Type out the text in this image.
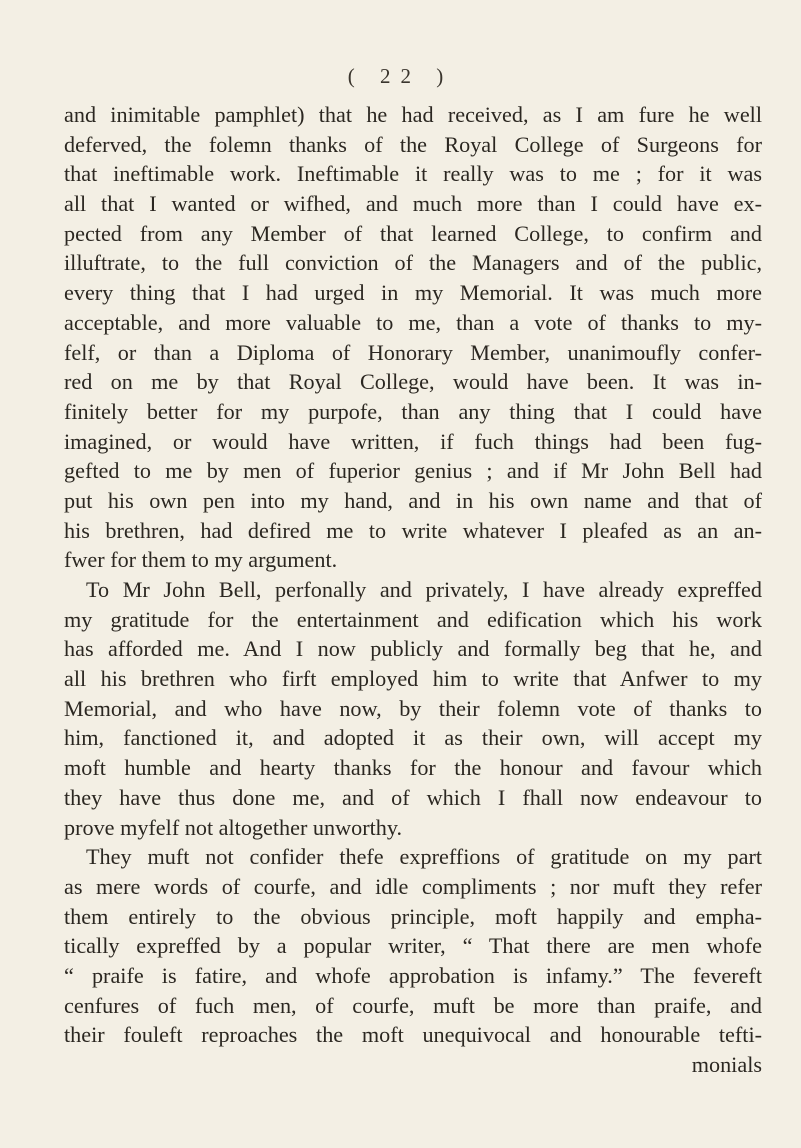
( 22 )
and inimitable pamphlet) that he had received, as I am fure he well
deferved, the folemn thanks of the Royal College of Surgeons for
that ineftimable work. Ineftimable it really was to me ; for it was
all that I wanted or wifhed, and much more than I could have ex-
pected from any Member of that learned College, to confirm and
illuftrate, to the full conviction of the Managers and of the public,
every thing that I had urged in my Memorial. It was much more
acceptable, and more valuable to me, than a vote of thanks to my-
felf, or than a Diploma of Honorary Member, unanimoufly confer-
red on me by that Royal College, would have been. It was in-
finitely better for my purpofe, than any thing that I could have
imagined, or would have written, if fuch things had been fug-
gefted to me by men of fuperior genius ; and if Mr John Bell had
put his own pen into my hand, and in his own name and that of
his brethren, had defired me to write whatever I pleafed as an an-
fwer for them to my argument.
To Mr John Bell, perfonally and privately, I have already expreffed
my gratitude for the entertainment and edification which his work
has afforded me. And I now publicly and formally beg that he, and
all his brethren who firft employed him to write that Anfwer to my
Memorial, and who have now, by their folemn vote of thanks to
him, fanctioned it, and adopted it as their own, will accept my
moft humble and hearty thanks for the honour and favour which
they have thus done me, and of which I fhall now endeavour to
prove myfelf not altogether unworthy.
They muft not confider thefe expreffions of gratitude on my part
as mere words of courfe, and idle compliments ; nor muft they refer
them entirely to the obvious principle, moft happily and empha-
tically expreffed by a popular writer, “ That there are men whofe
“ praife is fatire, and whofe approbation is infamy.” The fevereft
cenfures of fuch men, of courfe, muft be more than praife, and
their fouleft reproaches the moft unequivocal and honourable tefti-
monials
